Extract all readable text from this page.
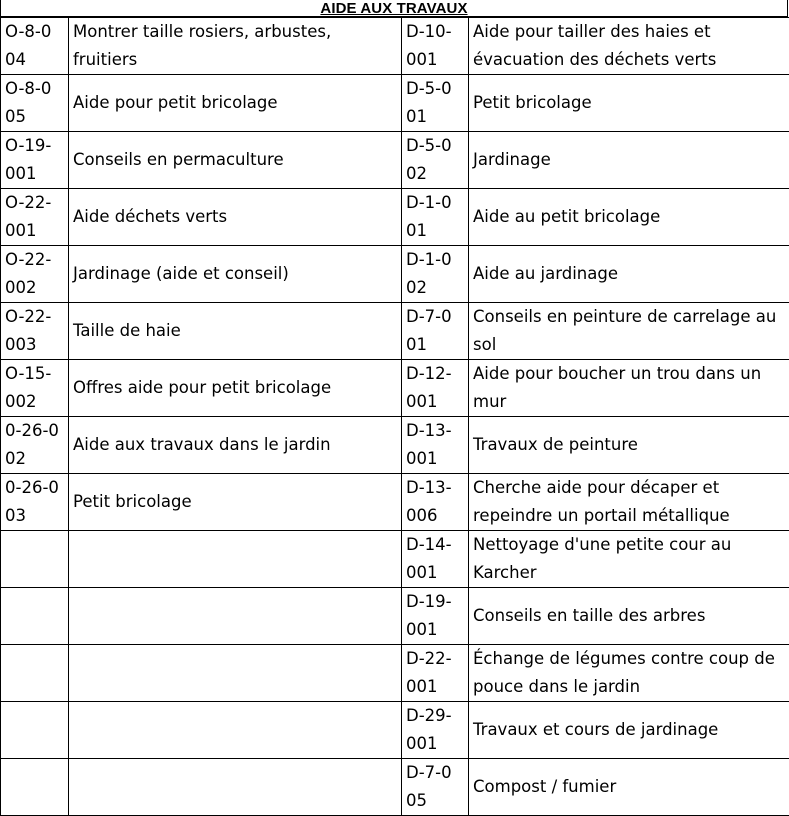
AIDE AUX TRAVAUX
O-8-004	Montrer taille rosiers, arbustes, fruitiers	D-10-001	Aide pour tailler des haies et évacuation des déchets verts

O-8-005	Aide pour petit bricolage	D-5-001	Petit bricolage

O-19-001	Conseils en permaculture	D-5-002	Jardinage

O-22-001	Aide déchets verts	D-1-001	Aide au petit bricolage

O-22-002	Jardinage (aide et conseil)	D-1-002	Aide au jardinage

O-22-003	Taille de haie	D-7-001	Conseils en peinture de carrelage au sol

O-15-002	Offres aide pour petit bricolage	D-12-001	Aide pour boucher un trou dans un mur

0-26-002	Aide aux travaux dans le jardin	D-13-001	Travaux de peinture

0-26-003	Petit bricolage	D-13-006	Cherche aide pour décaper et repeindre un portail métallique

		D-14-001	Nettoyage d'une petite cour au Karcher

		D-19-001	Conseils en taille des arbres

		D-22-001	Échange de légumes contre coup de pouce dans le jardin

		D-29-001	Travaux et cours de jardinage

		D-7-005	Compost / fumier
